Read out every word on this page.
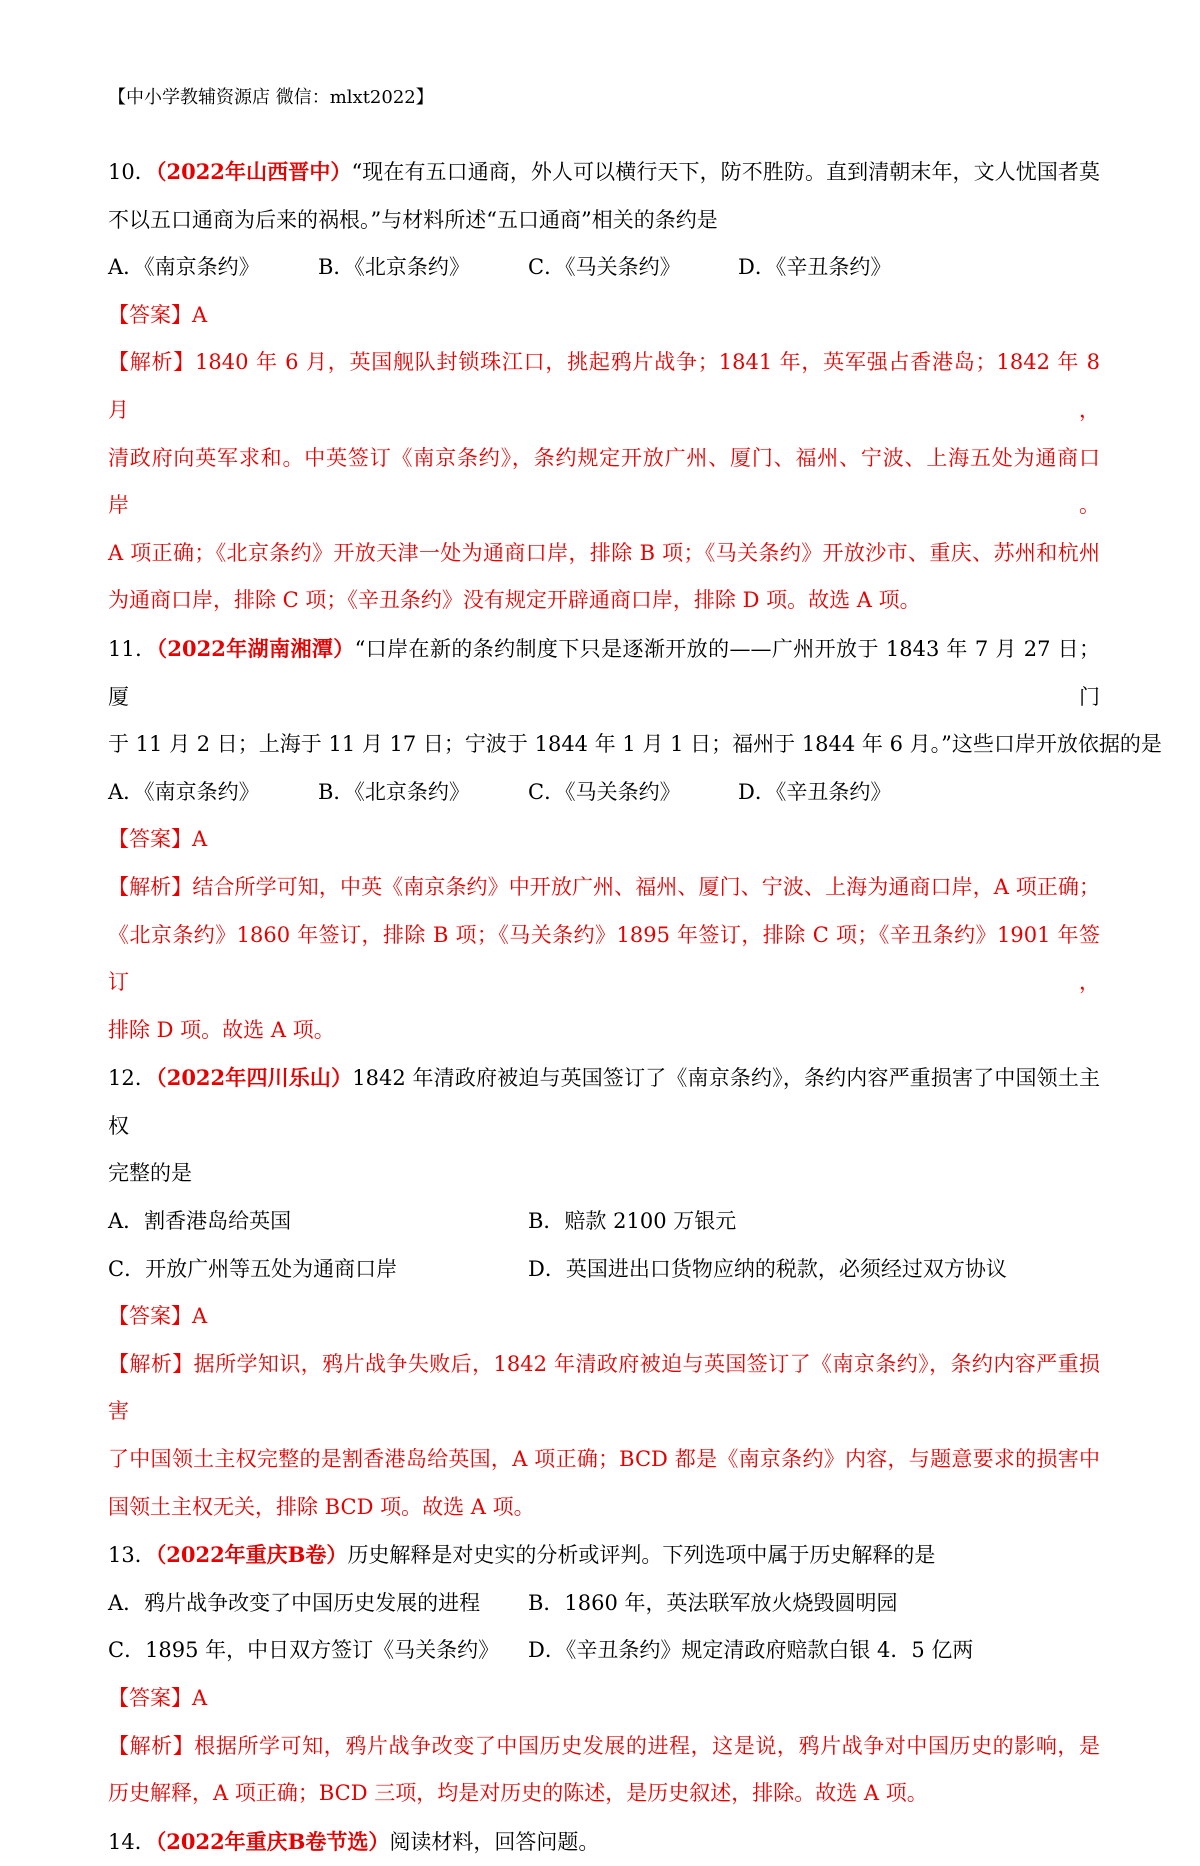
【中小学教辅资源店 微信：mlxt2022】
10．（2022年山西晋中）“现在有五口通商，外人可以横行天下，防不胜防。直到清朝末年，文人忧国者莫
不以五口通商为后来的祸根。”与材料所述“五口通商”相关的条约是
A．《南京条约》	B．《北京条约》	C．《马关条约》	D．《辛丑条约》
【答案】A
【解析】1840 年 6 月，英国舰队封锁珠江口，挑起鸦片战争；1841 年，英军强占香港岛；1842 年 8 月，
清政府向英军求和。中英签订《南京条约》，条约规定开放广州、厦门、福州、宁波、上海五处为通商口岸。
A 项正确；《北京条约》开放天津一处为通商口岸，排除 B 项；《马关条约》开放沙市、重庆、苏州和杭州
为通商口岸，排除 C 项；《辛丑条约》没有规定开辟通商口岸，排除 D 项。故选 A 项。
11．（2022年湖南湘潭）“口岸在新的条约制度下只是逐渐开放的——广州开放于 1843 年 7 月 27 日；厦门
于 11 月 2 日；上海于 11 月 17 日；宁波于 1844 年 1 月 1 日；福州于 1844 年 6 月。”这些口岸开放依据的是
A．《南京条约》	B．《北京条约》	C．《马关条约》	D．《辛丑条约》
【答案】A
【解析】结合所学可知，中英《南京条约》中开放广州、福州、厦门、宁波、上海为通商口岸，A 项正确；
《北京条约》1860 年签订，排除 B 项；《马关条约》1895 年签订，排除 C 项；《辛丑条约》1901 年签订，
排除 D 项。故选 A 项。
12．（2022年四川乐山）1842 年清政府被迫与英国签订了《南京条约》，条约内容严重损害了中国领土主权
完整的是
A．割香港岛给英国	B．赔款 2100 万银元
C．开放广州等五处为通商口岸	D．英国进出口货物应纳的税款，必须经过双方协议
【答案】A
【解析】据所学知识，鸦片战争失败后，1842 年清政府被迫与英国签订了《南京条约》，条约内容严重损害
了中国领土主权完整的是割香港岛给英国，A 项正确；BCD 都是《南京条约》内容，与题意要求的损害中
国领土主权无关，排除 BCD 项。故选 A 项。
13．（2022年重庆B卷）历史解释是对史实的分析或评判。下列选项中属于历史解释的是
A．鸦片战争改变了中国历史发展的进程	B．1860 年，英法联军放火烧毁圆明园
C．1895 年，中日双方签订《马关条约》	D．《辛丑条约》规定清政府赔款白银 4．5 亿两
【答案】A
【解析】根据所学可知，鸦片战争改变了中国历史发展的进程，这是说，鸦片战争对中国历史的影响，是
历史解释，A 项正确；BCD 三项，均是对历史的陈述，是历史叙述，排除。故选 A 项。
14．（2022年重庆B卷节选）阅读材料，回答问题。
